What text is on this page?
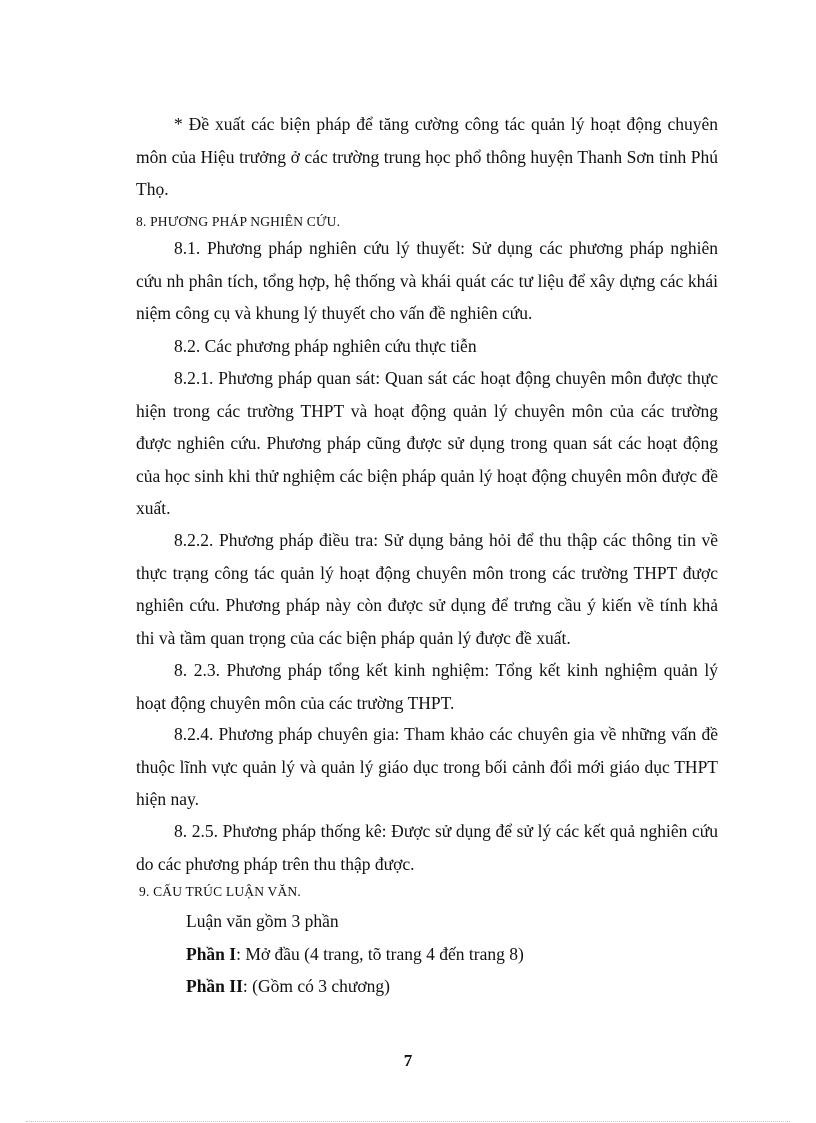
* Đề xuất các biện pháp để tăng cường công tác quản lý hoạt động chuyên môn của Hiệu trưởng ở các trường trung học phổ thông huyện Thanh Sơn tỉnh Phú Thọ.
8. PHƯƠNG PHÁP NGHIÊN CỨU.
8.1. Phương pháp nghiên cứu lý thuyết: Sử dụng các phương pháp nghiên cứu nh phân tích, tổng hợp, hệ thống và khái quát các tư liệu để xây dựng các khái niệm công cụ và khung lý thuyết cho vấn đề nghiên cứu.
8.2. Các phương pháp nghiên cứu thực tiễn
8.2.1. Phương pháp quan sát: Quan sát các hoạt động chuyên môn được thực hiện trong các trường THPT và hoạt động quản lý chuyên môn của các trường được nghiên cứu. Phương pháp cũng được sử dụng trong quan sát các hoạt động của học sinh khi thử nghiệm các biện pháp quản lý hoạt động chuyên môn được đề xuất.
8.2.2. Phương pháp điều tra: Sử dụng bảng hỏi để thu thập các thông tin về thực trạng công tác quản lý hoạt động chuyên môn trong các trường THPT được nghiên cứu. Phương pháp này còn được sử dụng để trưng cầu ý kiến về tính khả thi và tầm quan trọng của các biện pháp quản lý được đề xuất.
8. 2.3. Phương pháp tổng kết kinh nghiệm: Tổng kết kinh nghiệm quản lý hoạt động chuyên môn của các trường THPT.
8.2.4. Phương pháp chuyên gia: Tham khảo các chuyên gia về những vấn đề thuộc lĩnh vực quản lý và quản lý giáo dục trong bối cảnh đổi mới giáo dục THPT hiện nay.
8. 2.5. Phương pháp thống kê: Được sử dụng để sử lý các kết quả nghiên cứu do các phương pháp trên thu thập được.
9. CẤU TRÚC LUẬN VĂN.
Luận văn gồm 3 phần
Phần I: Mở đầu (4 trang, tõ trang 4 đến trang 8)
Phần II: (Gồm có 3 chương)
7
